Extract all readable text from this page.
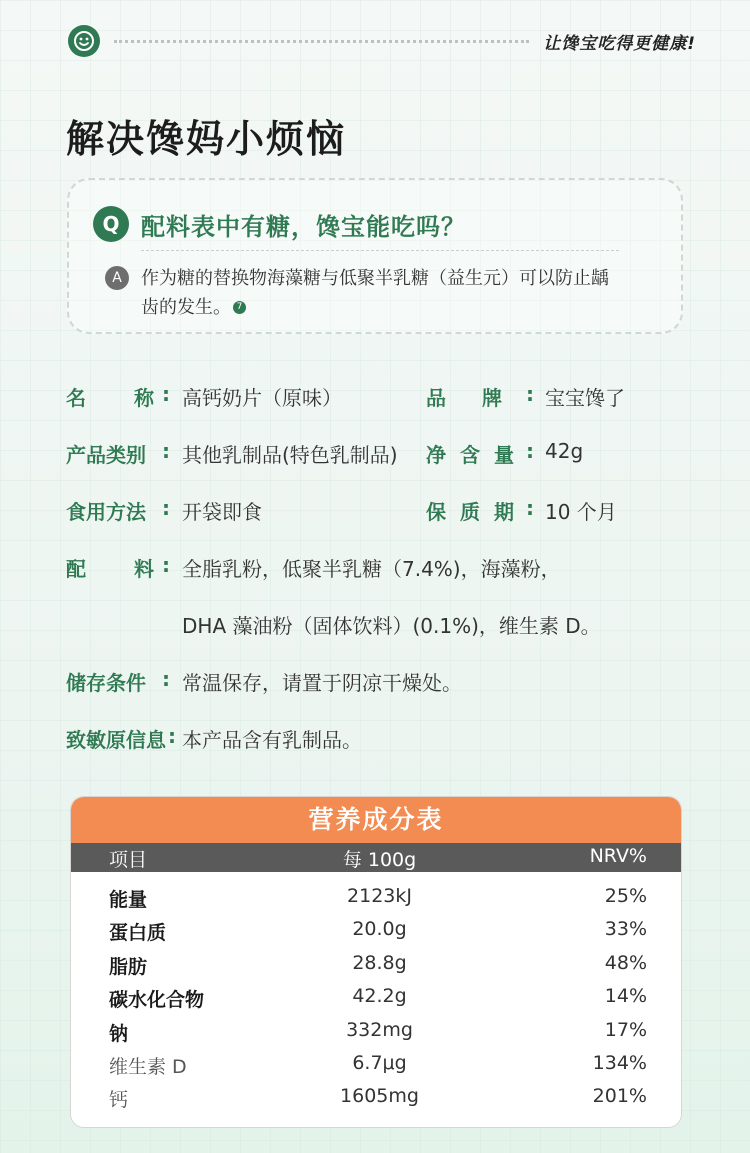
让馋宝吃得更健康!
解决馋妈小烦恼
Q 配料表中有糖，馋宝能吃吗？
A	作为糖的替换物海藻糖与低聚半乳糖（益生元）可以防止龋齿的发生。 7
名 称 : 高钙奶片（原味）	品 牌 : 宝宝馋了
产品类别 : 其他乳制品(特色乳制品) 净 含 量 : 42g
食用方法 : 开袋即食	保 质 期 : 10 个月
配 料 : 全脂乳粉，低聚半乳糖（7.4%)，海藻粉，
DHA 藻油粉（固体饮料）(0.1%)，维生素 D。
储存条件 : 常温保存，请置于阴凉干燥处。
致敏原信息 : 本产品含有乳制品。
营养成分表
项目	每 100g	NRV%
能量	2123kJ	25%
蛋白质	20.0g	33%
脂肪	28.8g	48%
碳水化合物	42.2g	14%
钠	332mg	17%
维生素 D	6.7μg	134%
钙	1605mg	201%
